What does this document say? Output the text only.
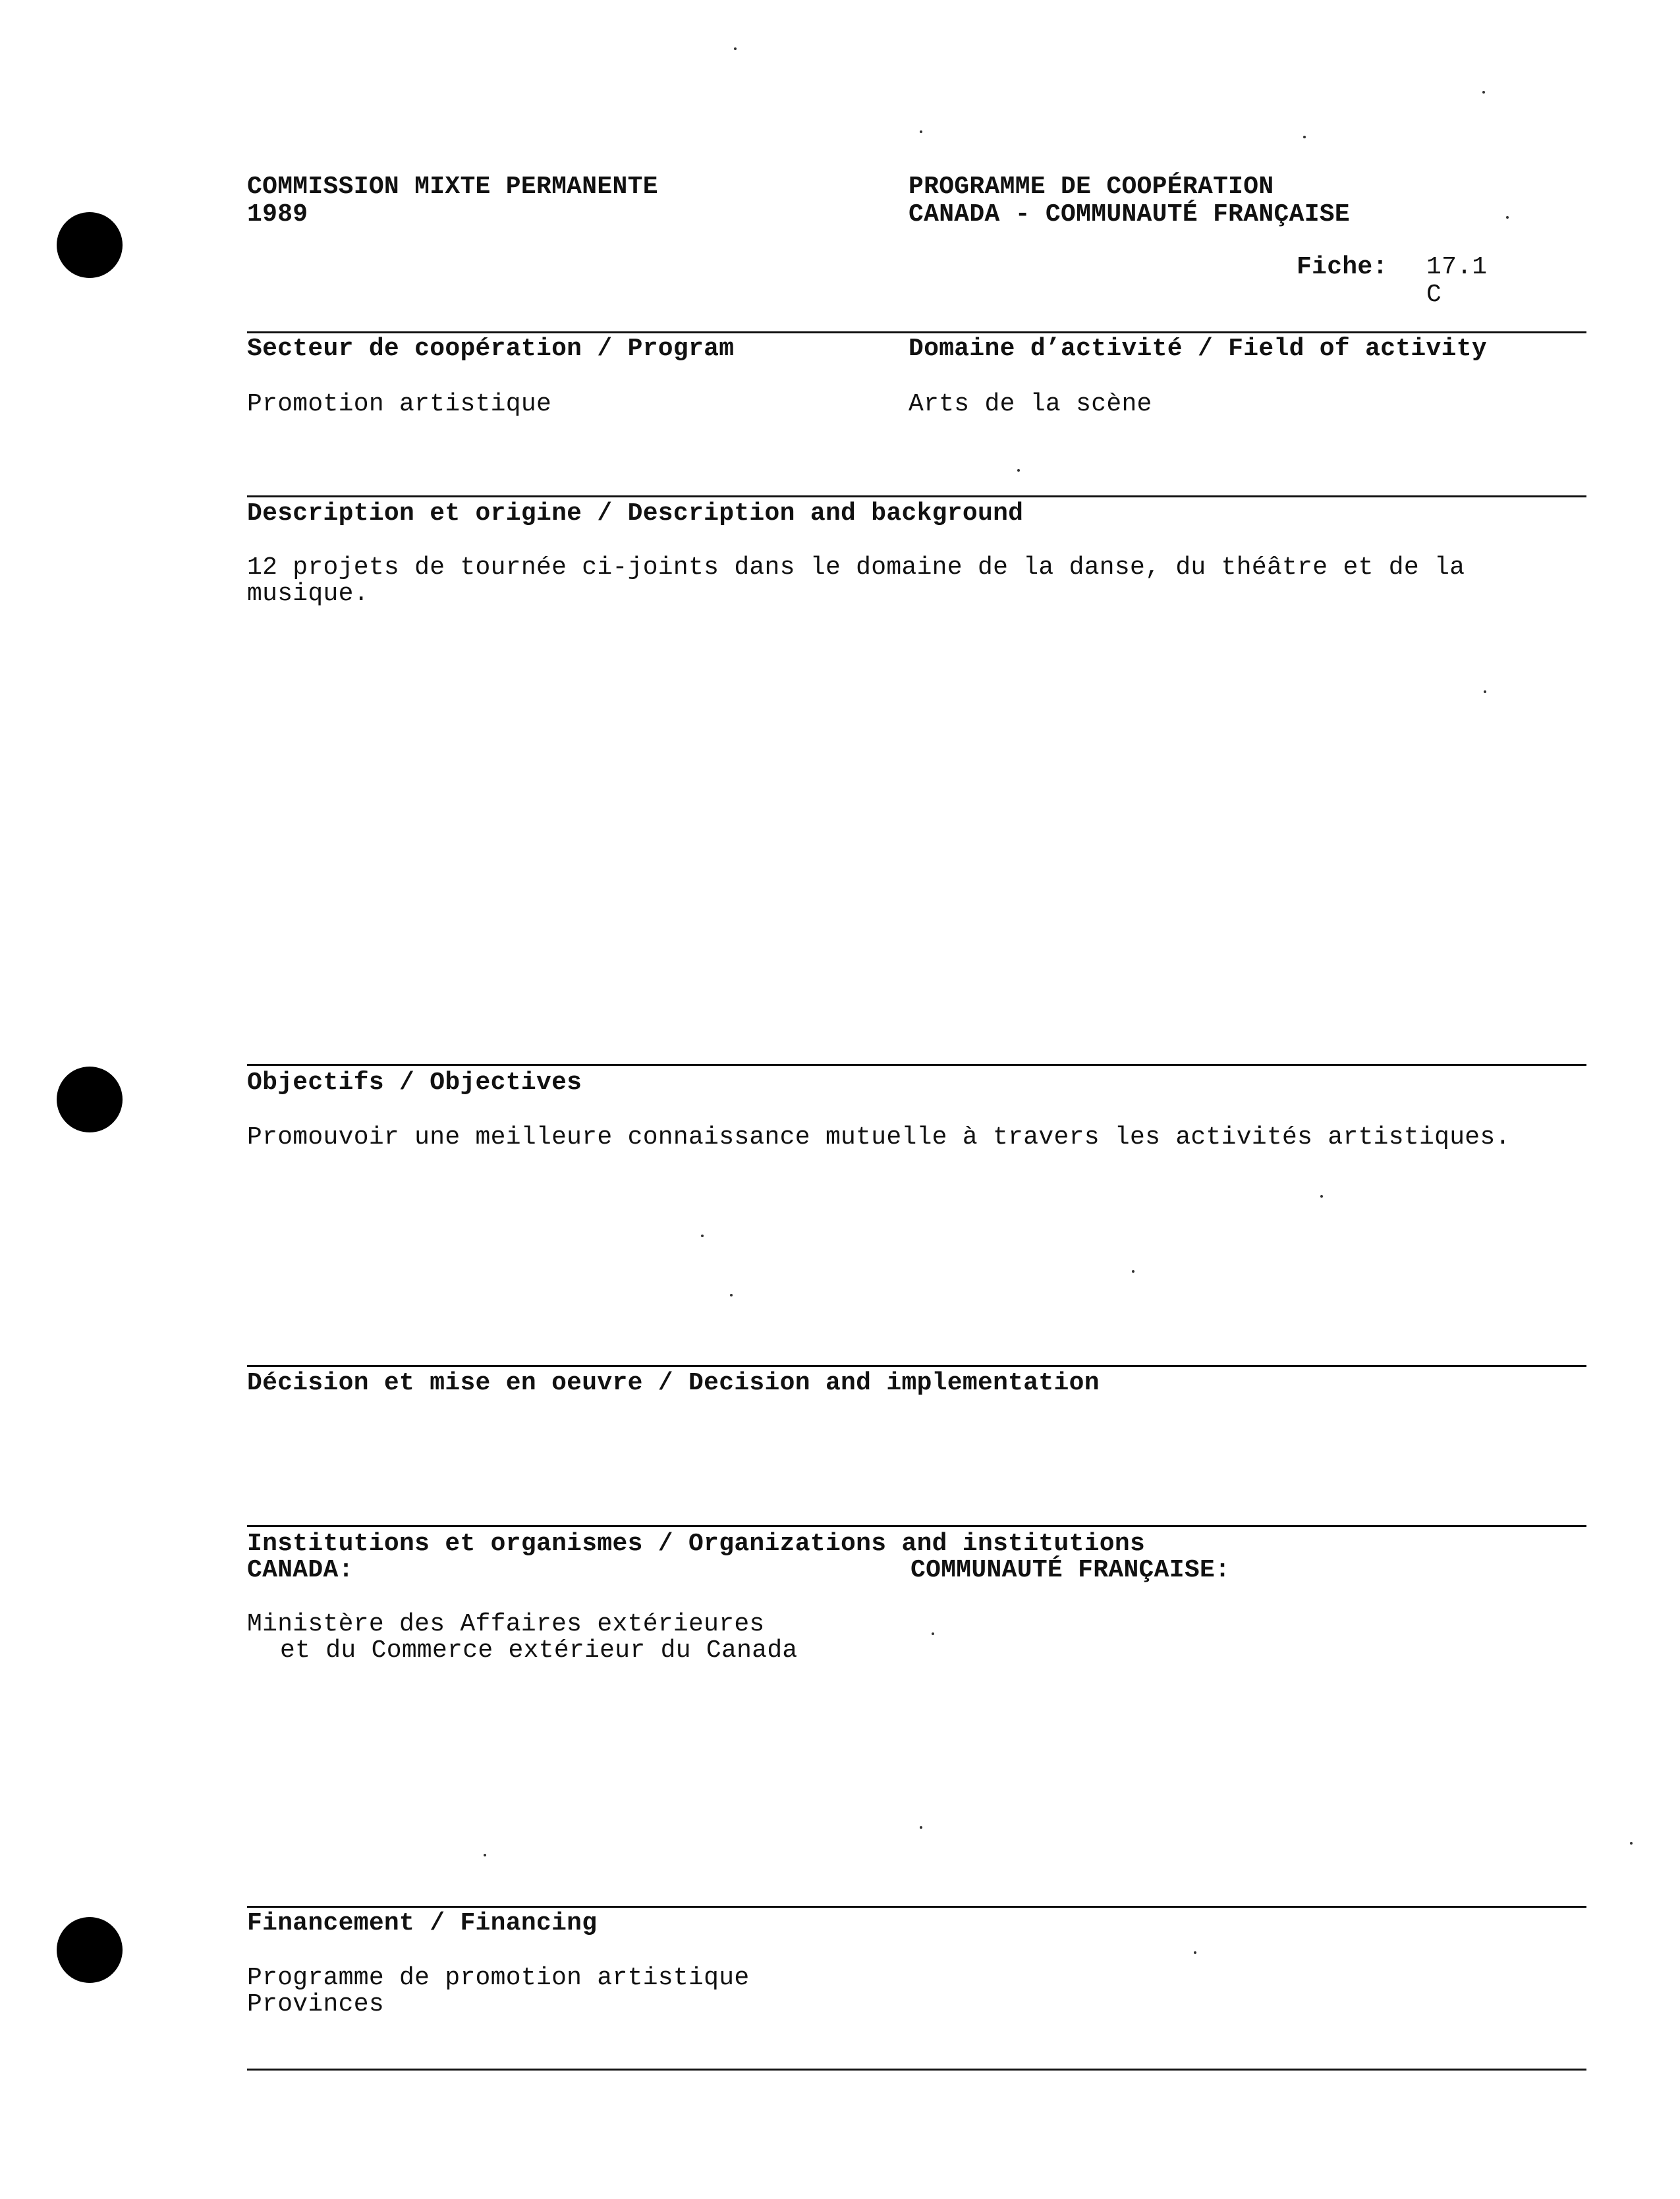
COMMISSION MIXTE PERMANENTE
1989
PROGRAMME DE COOPÉRATION
CANADA - COMMUNAUTÉ FRANÇAISE
Fiche: 17.1
C
Secteur de coopération / Program	Domaine d’activité / Field of activity
Promotion artistique	Arts de la scène
Description et origine / Description and background
12 projets de tournée ci-joints dans le domaine de la danse, du théâtre et de la
musique.
Objectifs / Objectives
Promouvoir une meilleure connaissance mutuelle à travers les activités artistiques.
Décision et mise en oeuvre / Decision and implementation
Institutions et organismes / Organizations and institutions
CANADA:	COMMUNAUTÉ FRANÇAISE:
Ministère des Affaires extérieures
et du Commerce extérieur du Canada
Financement / Financing
Programme de promotion artistique
Provinces
